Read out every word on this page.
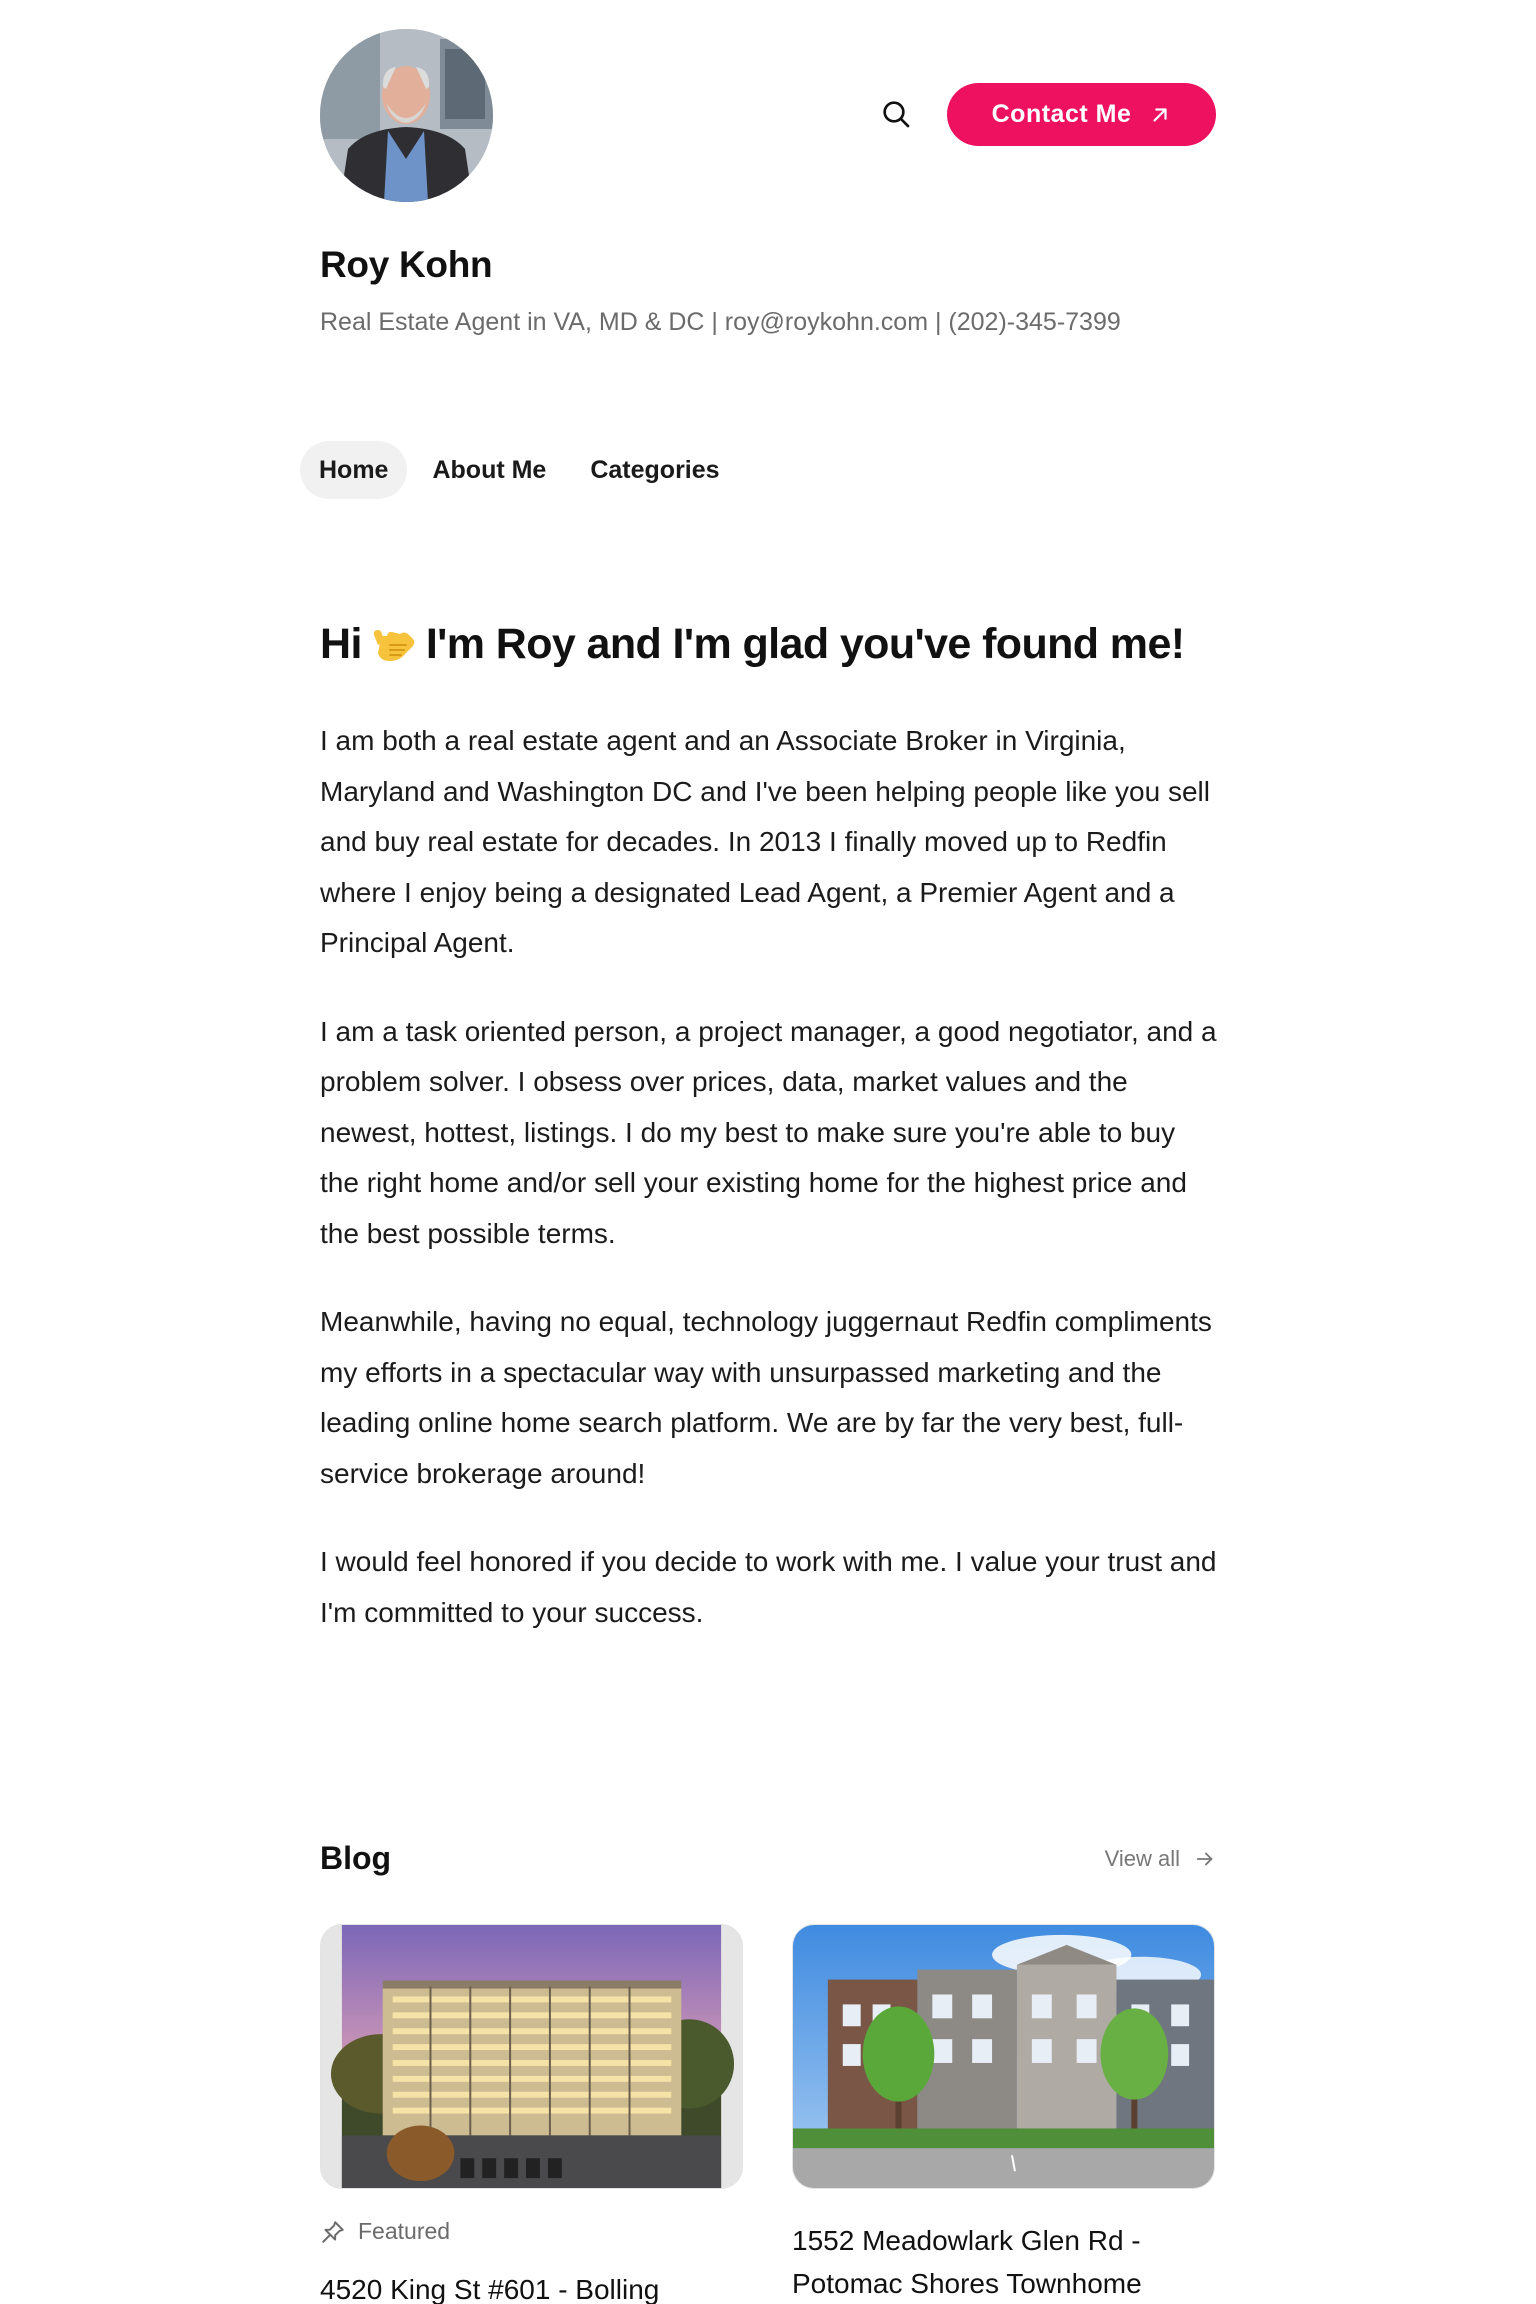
Contact Me
Roy Kohn
Real Estate Agent in VA, MD & DC | roy@roykohn.com | (202)-345-7399
Home	About Me	Categories
Hi I'm Roy and I'm glad you've found me!

I am both a real estate agent and an Associate Broker in Virginia, Maryland and Washington DC and I've been helping people like you sell and buy real estate for decades. In 2013 I finally moved up to Redfin where I enjoy being a designated Lead Agent, a Premier Agent and a Principal Agent.

I am a task oriented person, a project manager, a good negotiator, and a problem solver. I obsess over prices, data, market values and the newest, hottest, listings. I do my best to make sure you're able to buy the right home and/or sell your existing home for the highest price and the best possible terms.

Meanwhile, having no equal, technology juggernaut Redfin compliments my efforts in a spectacular way with unsurpassed marketing and the leading online home search platform. We are by far the very best, full-service brokerage around!

I would feel honored if you decide to work with me. I value your trust and I'm committed to your success.

Blog	View all
Featured
4520 King St #601 - Bolling
1552 Meadowlark Glen Rd - Potomac Shores Townhome
